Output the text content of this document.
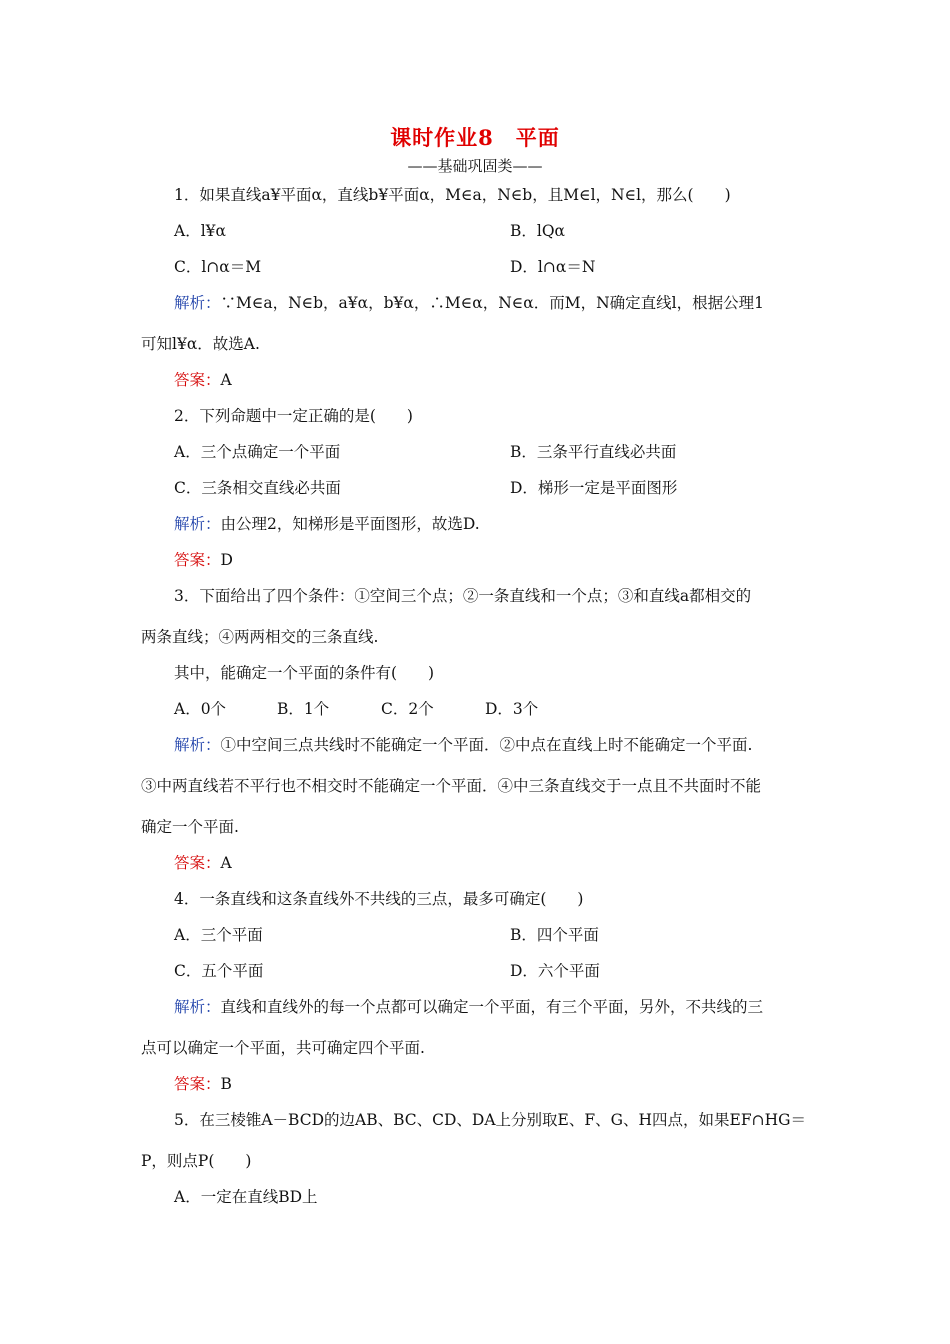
课时作业8　平面
——基础巩固类——
1．如果直线a¥平面α，直线b¥平面α，M∈a，N∈b，且M∈l，N∈l，那么(　　)
A．l¥α	B．lQα
C．l∩α＝M	D．l∩α＝N
解析：∵M∈a，N∈b，a¥α，b¥α，∴M∈α，N∈α．而M，N确定直线l，根据公理1
可知l¥α．故选A.
答案：A
2．下列命题中一定正确的是(　　)
A．三个点确定一个平面	B．三条平行直线必共面
C．三条相交直线必共面	D．梯形一定是平面图形
解析：由公理2，知梯形是平面图形，故选D.
答案：D
3．下面给出了四个条件：①空间三个点；②一条直线和一个点；③和直线a都相交的
两条直线；④两两相交的三条直线.
其中，能确定一个平面的条件有(　　)
A．0个	B．1个	C．2个	D．3个
解析：①中空间三点共线时不能确定一个平面．②中点在直线上时不能确定一个平面.
③中两直线若不平行也不相交时不能确定一个平面．④中三条直线交于一点且不共面时不能
确定一个平面.
答案：A
4．一条直线和这条直线外不共线的三点，最多可确定(　　)
A．三个平面	B．四个平面
C．五个平面	D．六个平面
解析：直线和直线外的每一个点都可以确定一个平面，有三个平面，另外，不共线的三
点可以确定一个平面，共可确定四个平面.
答案：B
5．在三棱锥A－BCD的边AB、BC、CD、DA上分别取E、F、G、H四点，如果EF∩HG＝
P，则点P(　　)
A．一定在直线BD上
